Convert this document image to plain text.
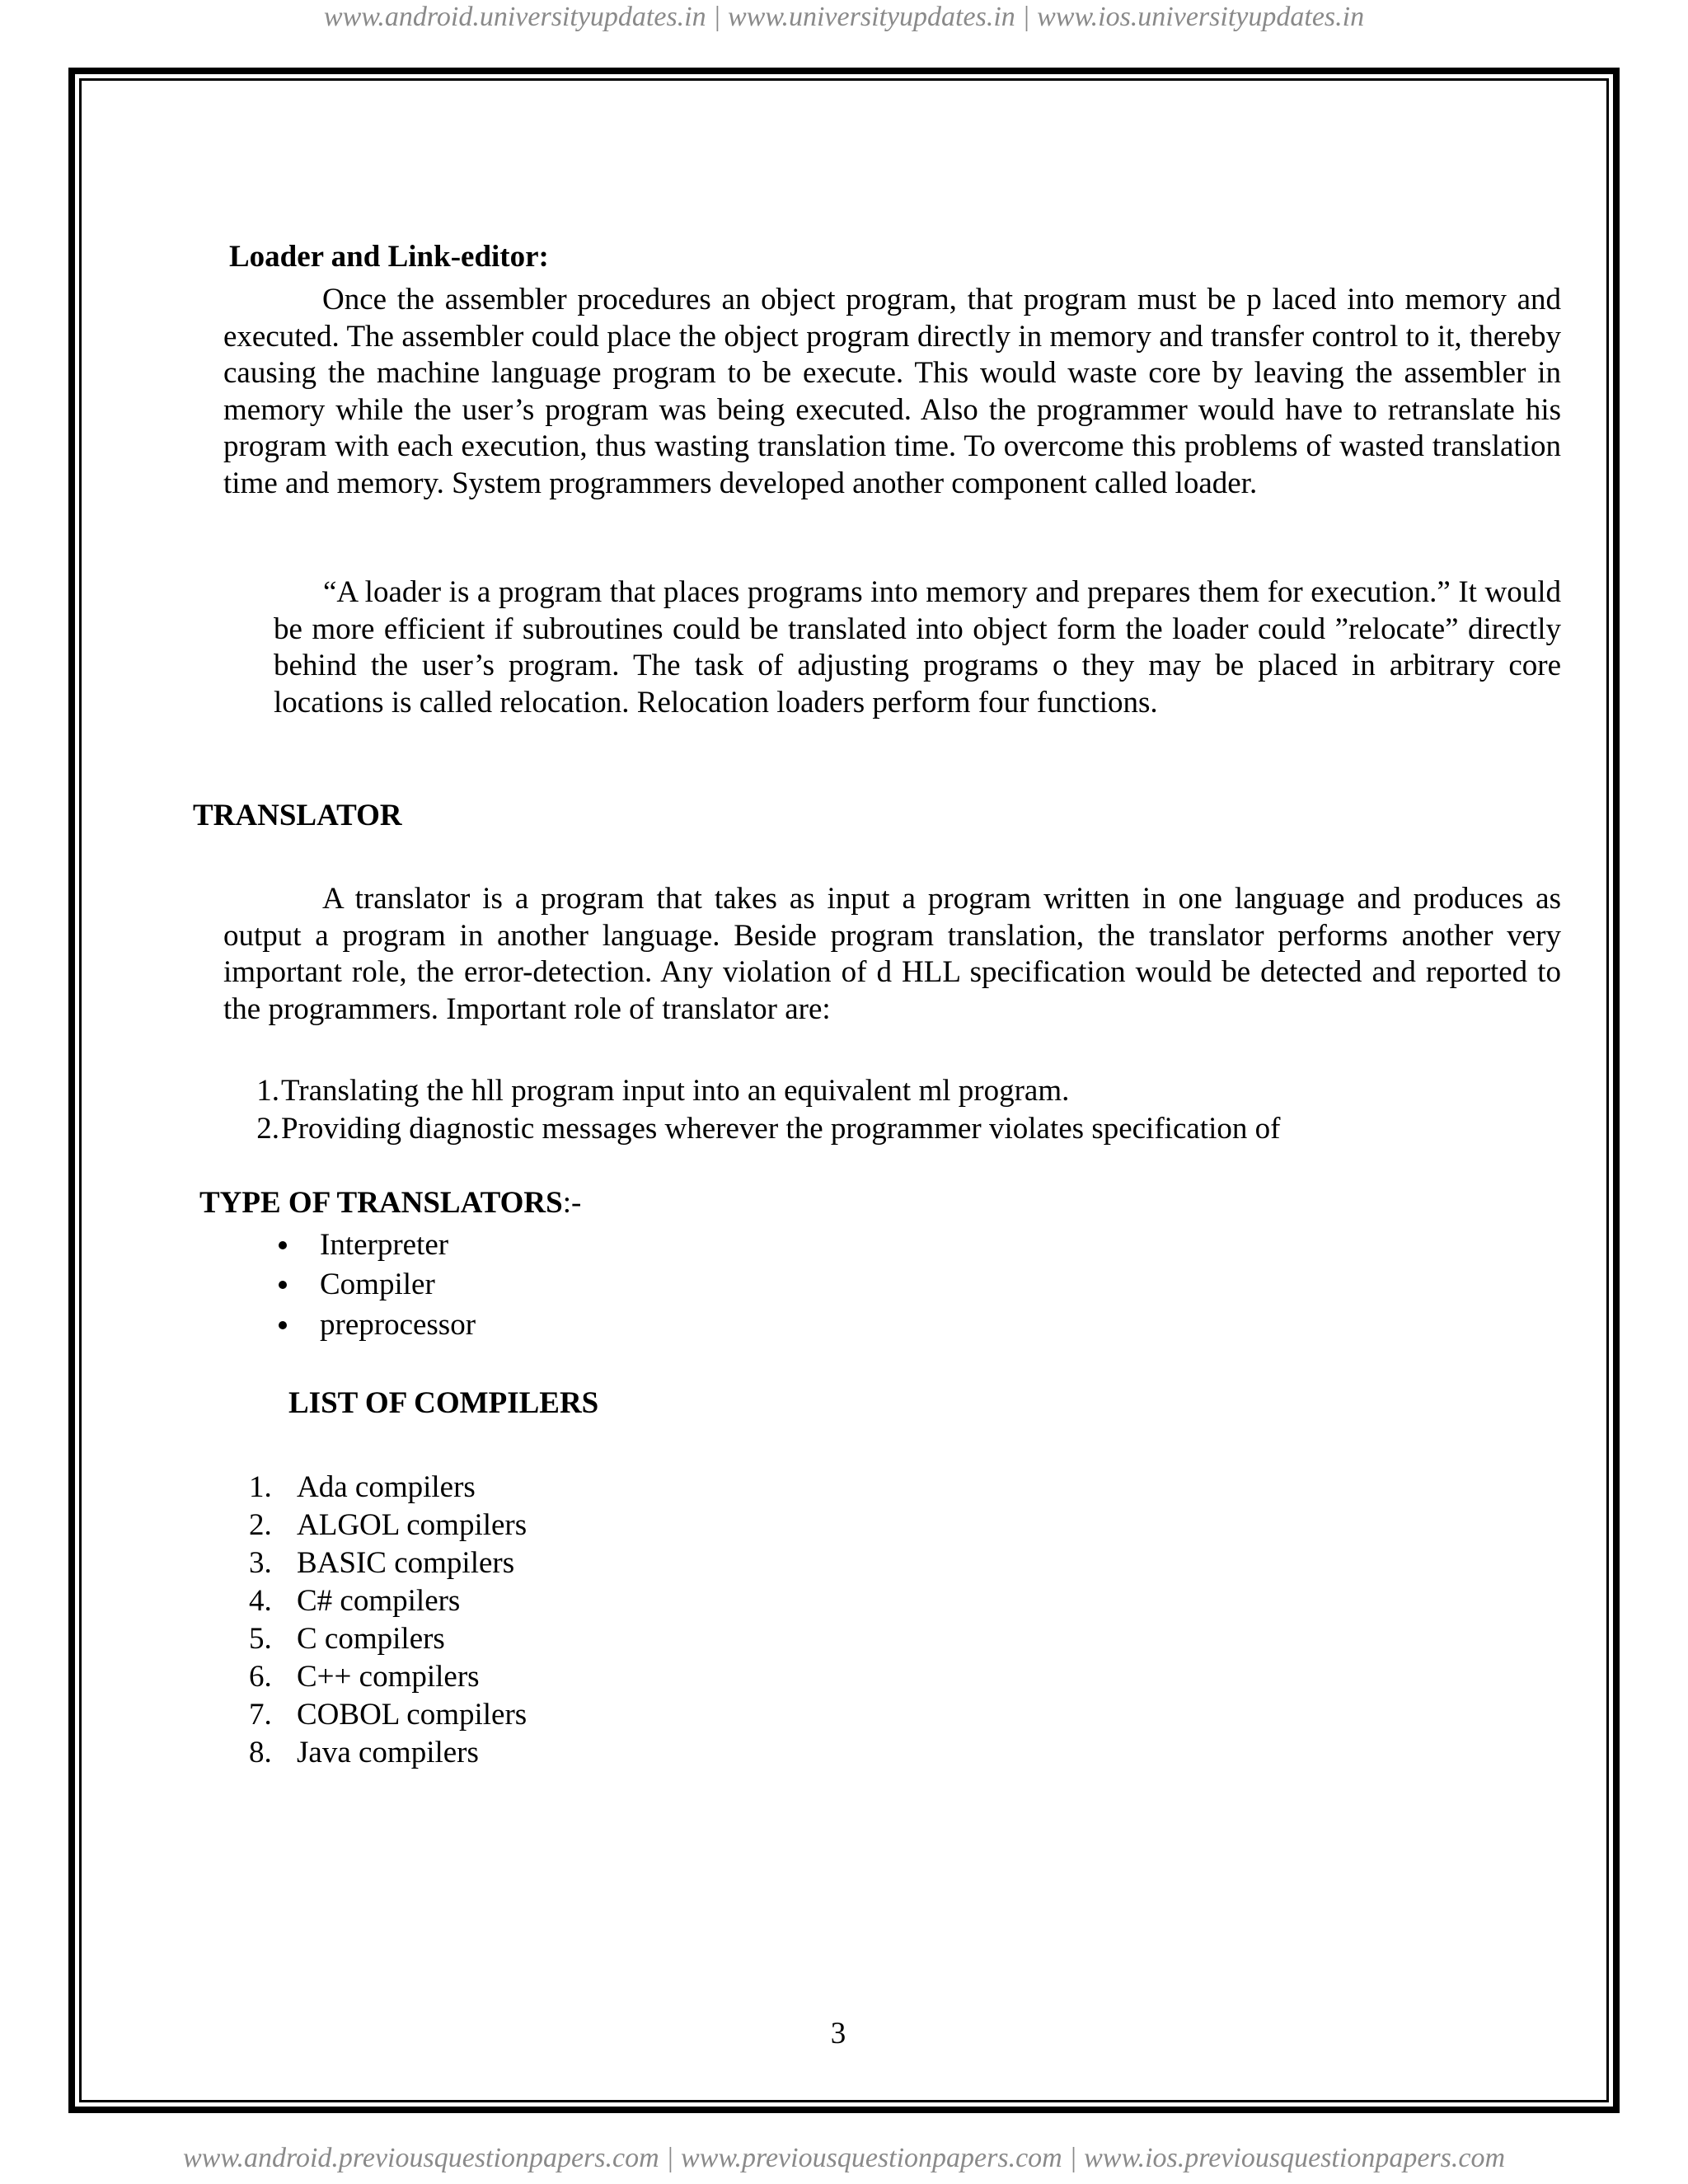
www.android.universityupdates.in | www.universityupdates.in | www.ios.universityupdates.in
Loader and Link-editor:

Once the assembler procedures an object program, that program must be p laced into memory and executed. The assembler could place the object program directly in memory and transfer control to it, thereby causing the machine language program to be execute. This would waste core by leaving the assembler in memory while the user’s program was being executed. Also the programmer would have to retranslate his program with each execution, thus wasting translation time. To overcome this problems of wasted translation time and memory. System programmers developed another component called loader.

“A loader is a program that places programs into memory and prepares them for execution.” It would be more efficient if subroutines could be translated into object form the loader could ”relocate” directly behind the user’s program. The task of adjusting programs o they may be placed in arbitrary core locations is called relocation. Relocation loaders perform four functions.

TRANSLATOR

A translator is a program that takes as input a program written in one language and produces as output a program in another language. Beside program translation, the translator performs another very important role, the error-detection. Any violation of d HLL specification would be detected and reported to the programmers. Important role of translator are:

1.Translating the hll program input into an equivalent ml program.
2.Providing diagnostic messages wherever the programmer violates specification of
TYPE OF TRANSLATORS:-
Interpreter
Compiler
preprocessor
LIST OF COMPILERS
1. Ada compilers
2. ALGOL compilers
3. BASIC compilers
4. C# compilers
5. C compilers
6. C++ compilers
7. COBOL compilers
8. Java compilers
3
www.android.previousquestionpapers.com | www.previousquestionpapers.com | www.ios.previousquestionpapers.com
